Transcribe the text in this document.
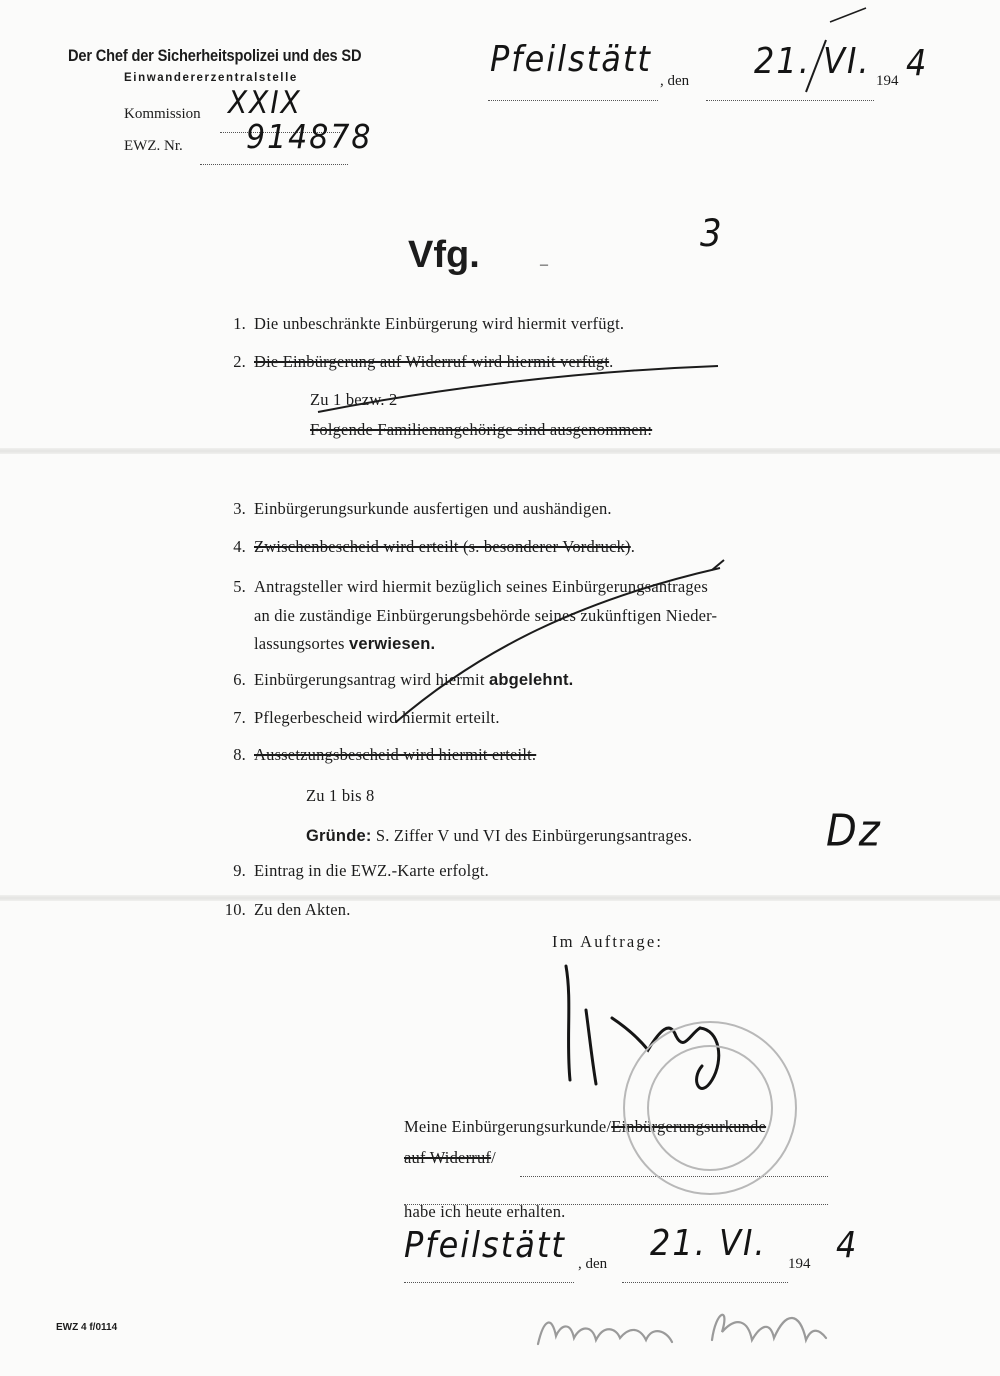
Der Chef der Sicherheitspolizei und des SD
Einwandererzentralstelle
Kommission XXIX
EWZ. Nr. 914878
Pfeilstätt
, den 21. VI. 194 4
Vfg.	–
3
1. Die unbeschränkte Einbürgerung wird hiermit verfügt.
2. Die Einbürgerung auf Widerruf wird hiermit verfügt.
Zu 1 bezw. 2
Folgende Familienangehörige sind ausgenommen:
3. Einbürgerungsurkunde ausfertigen und aushändigen.
4. Zwischenbescheid wird erteilt (s. besonderer Vordruck).
5. Antragsteller wird hiermit bezüglich seines Einbürgerungsantrages
an die zuständige Einbürgerungsbehörde seines zukünftigen Nieder-
lassungsortes verwiesen.
6. Einbürgerungsantrag wird hiermit abgelehnt.
7. Pflegerbescheid wird hiermit erteilt.
8. Aussetzungsbescheid wird hiermit erteilt.
Zu 1 bis 8
Gründe: S. Ziffer V und VI des Einbürgerungsantrages.	Dz
9. Eintrag in die EWZ.-Karte erfolgt.
10. Zu den Akten.
Im Auftrage:
Meine Einbürgerungsurkunde/Einbürgerungsurkunde
auf Widerruf/
habe ich heute erhalten.
Pfeilstätt , den
21. VI.
194 4
EWZ 4 f/0114
